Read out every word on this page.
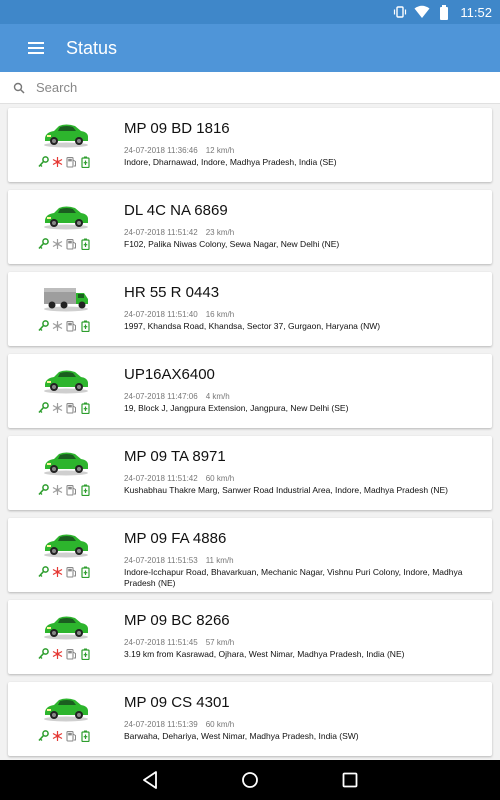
11:52
Status
Search
MP 09 BD 1816
24-07-2018 11:36:46 12 km/h
Indore, Dharnawad, Indore, Madhya Pradesh, India (SE)
DL 4C NA 6869
24-07-2018 11:51:42 23 km/h
F102, Palika Niwas Colony, Sewa Nagar, New Delhi (NE)
HR 55 R 0443
24-07-2018 11:51:40 16 km/h
1997, Khandsa Road, Khandsa, Sector 37, Gurgaon, Haryana (NW)
UP16AX6400
24-07-2018 11:47:06 4 km/h
19, Block J, Jangpura Extension, Jangpura, New Delhi (SE)
MP 09 TA 8971
24-07-2018 11:51:42 60 km/h
Kushabhau Thakre Marg, Sanwer Road Industrial Area, Indore, Madhya Pradesh (NE)
MP 09 FA 4886
24-07-2018 11:51:53 11 km/h
Indore-Icchapur Road, Bhavarkuan, Mechanic Nagar, Vishnu Puri Colony, Indore, Madhya Pradesh (NE)
MP 09 BC 8266
24-07-2018 11:51:45 57 km/h
3.19 km from Kasrawad, Ojhara, West Nimar, Madhya Pradesh, India (NE)
MP 09 CS 4301
24-07-2018 11:51:39 60 km/h
Barwaha, Dehariya, West Nimar, Madhya Pradesh, India (SW)
